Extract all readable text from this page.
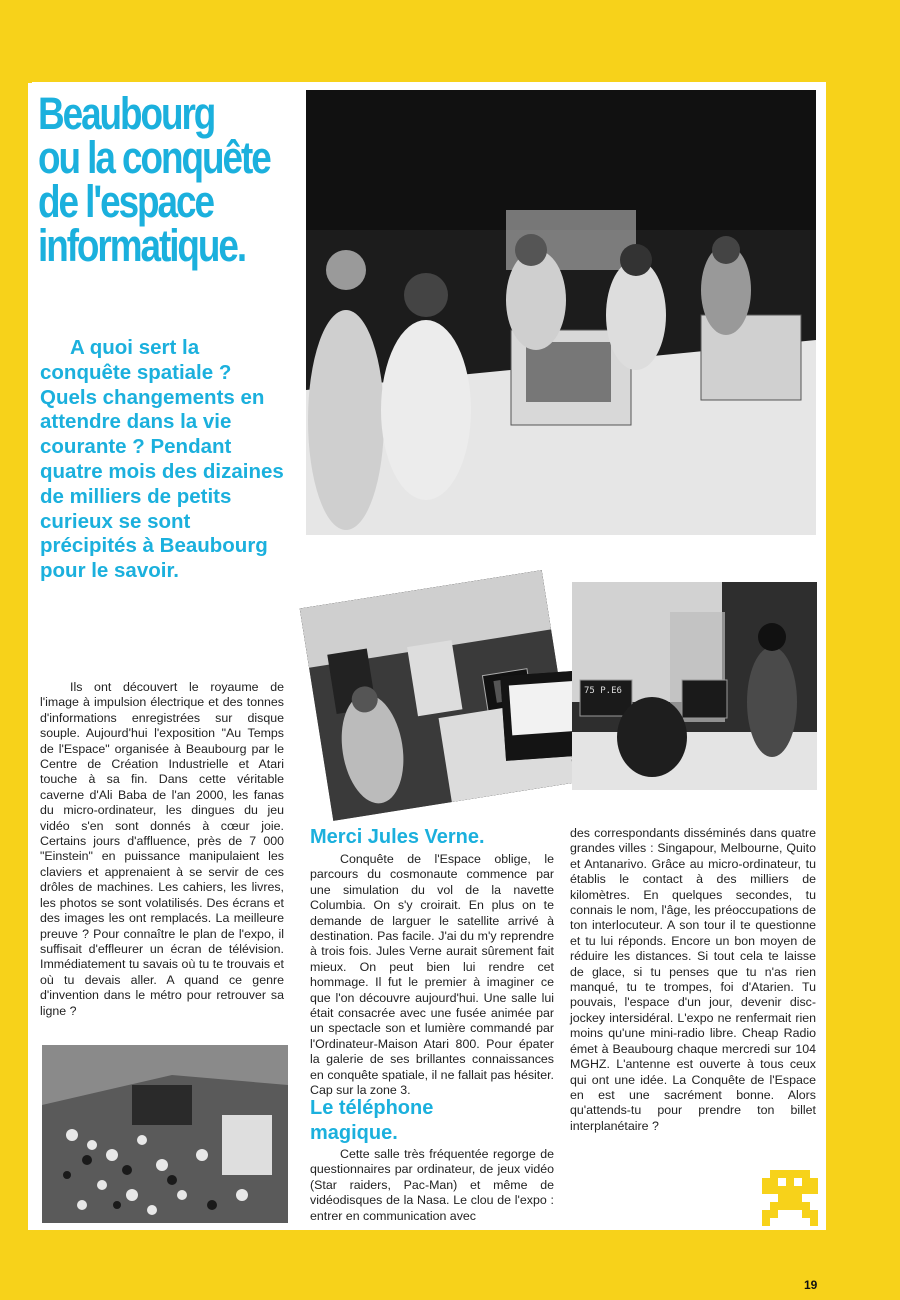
Beaubourg
ou la conquête
de l'espace
informatique.
A quoi sert la conquête spatiale ? Quels changements en attendre dans la vie courante ? Pendant quatre mois des dizaines de milliers de petits curieux se sont précipités à Beaubourg pour le savoir.

Ils ont découvert le royaume de l'image à impulsion électrique et des tonnes d'informations enregistrées sur disque souple. Aujourd'hui l'exposition "Au Temps de l'Espace" organisée à Beaubourg par le Centre de Création Industrielle et Atari touche à sa fin. Dans cette véritable caverne d'Ali Baba de l'an 2000, les fanas du micro-ordinateur, les dingues du jeu vidéo s'en sont donnés à cœur joie. Certains jours d'affluence, près de 7 000 "Einstein" en puissance manipulaient les claviers et apprenaient à se servir de ces drôles de machines. Les cahiers, les livres, les photos se sont volatilisés. Des écrans et des images les ont remplacés. La meilleure preuve ? Pour connaître le plan de l'expo, il suffisait d'effleurer un écran de télévision. Immédiatement tu savais où tu te trouvais et où tu devais aller. A quand ce genre d'invention dans le métro pour retrouver sa ligne ?

75 P.E6
Merci Jules Verne.

Conquête de l'Espace oblige, le parcours du cosmonaute commence par une simulation du vol de la navette Columbia. On s'y croirait. En plus on te demande de larguer le satellite arrivé à destination. Pas facile. J'ai du m'y reprendre à trois fois. Jules Verne aurait sûrement fait mieux. On peut bien lui rendre cet hommage. Il fut le premier à imaginer ce que l'on découvre aujourd'hui. Une salle lui était consacrée avec une fusée animée par un spectacle son et lumière commandé par l'Ordinateur-Maison Atari 800. Pour épater la galerie de ses brillantes connaissances en conquête spatiale, il ne fallait pas hésiter. Cap sur la zone 3.

Le téléphone
magique.

Cette salle très fréquentée regorge de questionnaires par ordinateur, de jeux vidéo (Star raiders, Pac-Man) et même de vidéodisques de la Nasa. Le clou de l'expo : entrer en communication avec

des correspondants disséminés dans quatre grandes villes : Singapour, Melbourne, Quito et Antanarivo. Grâce au micro-ordinateur, tu établis le contact à des milliers de kilomètres. En quelques secondes, tu connais le nom, l'âge, les préoccupations de ton interlocuteur. A son tour il te questionne et tu lui réponds. Encore un bon moyen de réduire les distances. Si tout cela te laisse de glace, si tu penses que tu n'as rien manqué, tu te trompes, foi d'Atarien. Tu pouvais, l'espace d'un jour, devenir disc-jockey intersidéral. L'expo ne renfermait rien moins qu'une mini-radio libre. Cheap Radio émet à Beaubourg chaque mercredi sur 104 MGHZ. L'antenne est ouverte à tous ceux qui ont une idée. La Conquête de l'Espace en est une sacrément bonne. Alors qu'attends-tu pour prendre ton billet interplanétaire ?

19
